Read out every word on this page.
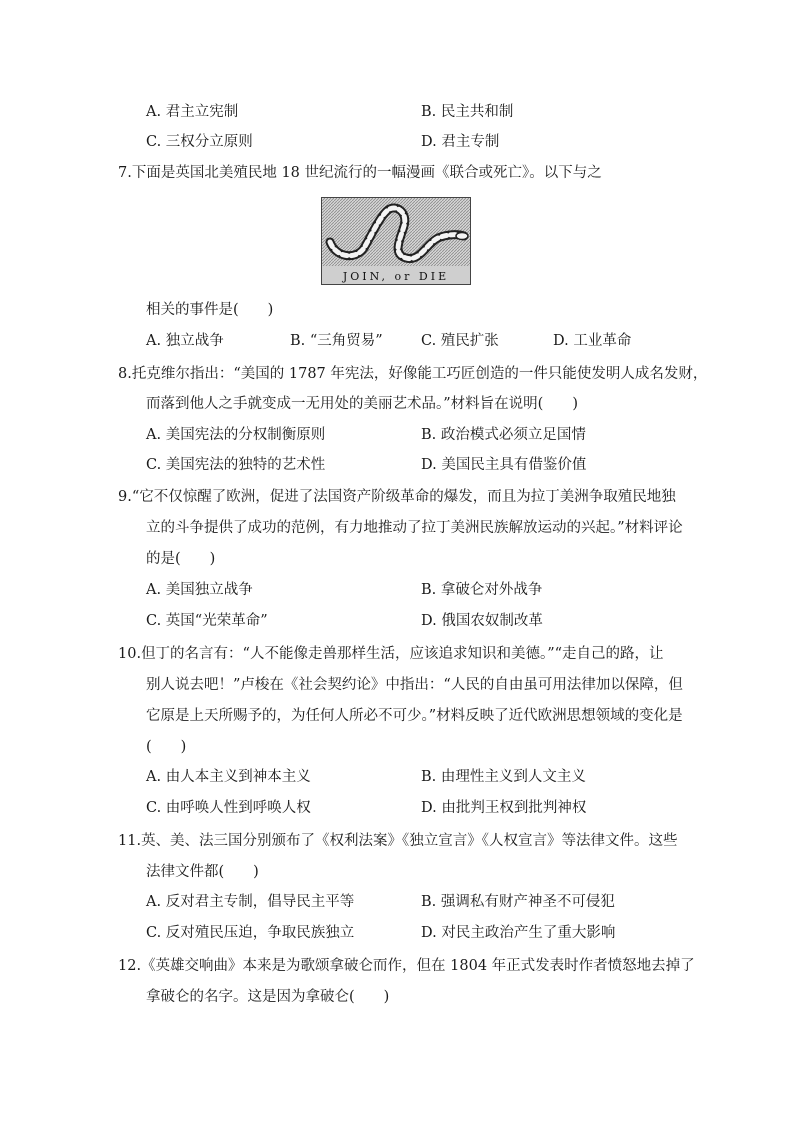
A. 君主立宪制	B. 民主共和制
C. 三权分立原则	D. 君主专制
7.下面是英国北美殖民地 18 世纪流行的一幅漫画《联合或死亡》。以下与之
JOIN, or DIE
相关的事件是(　　)
A. 独立战争	B. “三角贸易”	C. 殖民扩张	D. 工业革命
8.托克维尔指出：“美国的 1787 年宪法，好像能工巧匠创造的一件只能使发明人成名发财，
而落到他人之手就变成一无用处的美丽艺术品。”材料旨在说明(　　)
A. 美国宪法的分权制衡原则	B. 政治模式必须立足国情
C. 美国宪法的独特的艺术性	D. 美国民主具有借鉴价值
9.“它不仅惊醒了欧洲，促进了法国资产阶级革命的爆发，而且为拉丁美洲争取殖民地独
立的斗争提供了成功的范例，有力地推动了拉丁美洲民族解放运动的兴起。”材料评论
的是(　　)
A. 美国独立战争	B. 拿破仑对外战争
C. 英国“光荣革命”	D. 俄国农奴制改革
10.但丁的名言有：“人不能像走兽那样生活，应该追求知识和美德。”“走自己的路，让
别人说去吧！”卢梭在《社会契约论》中指出：“人民的自由虽可用法律加以保障，但
它原是上天所赐予的，为任何人所必不可少。”材料反映了近代欧洲思想领域的变化是
(　　)
A. 由人本主义到神本主义	B. 由理性主义到人文主义
C. 由呼唤人性到呼唤人权	D. 由批判王权到批判神权
11.英、美、法三国分别颁布了《权利法案》《独立宣言》《人权宣言》等法律文件。这些
法律文件都(　　)
A. 反对君主专制，倡导民主平等	B. 强调私有财产神圣不可侵犯
C. 反对殖民压迫，争取民族独立	D. 对民主政治产生了重大影响
12.《英雄交响曲》本来是为歌颂拿破仑而作，但在 1804 年正式发表时作者愤怒地去掉了
拿破仑的名字。这是因为拿破仑(　　)
